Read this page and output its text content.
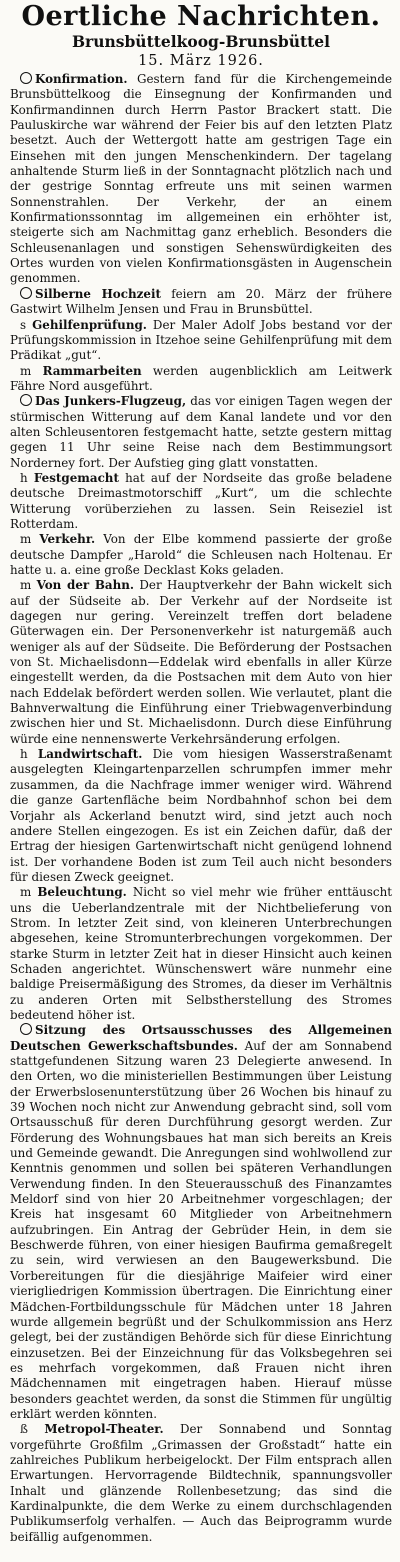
Oertliche Nachrichten.
Brunsbüttelkoog-Brunsbüttel
15. März 1926.

Konfirmation. Gestern fand für die Kirchengemeinde Brunsbüttelkoog die Einsegnung der Konfirmanden und Konfirmandinnen durch Herrn Pastor Brackert statt. Die Pauluskirche war während der Feier bis auf den letzten Platz besetzt. Auch der Wettergott hatte am gestrigen Tage ein Einsehen mit den jungen Menschenkindern. Der tagelang anhaltende Sturm ließ in der Sonntagnacht plötzlich nach und der gestrige Sonntag erfreute uns mit seinen warmen Sonnenstrahlen. Der Verkehr, der an einem Konfirmationssonntag im allgemeinen ein erhöhter ist, steigerte sich am Nachmittag ganz erheblich. Besonders die Schleusenanlagen und sonstigen Sehenswürdigkeiten des Ortes wurden von vielen Konfirmationsgästen in Augenschein genommen.

Silberne Hochzeit feiern am 20. März der frühere Gastwirt Wilhelm Jensen und Frau in Brunsbüttel.

s Gehilfenprüfung. Der Maler Adolf Jobs bestand vor der Prüfungskommission in Itzehoe seine Gehilfenprüfung mit dem Prädikat „gut“.

m Rammarbeiten werden augenblicklich am Leitwerk Fähre Nord ausgeführt.

Das Junkers-Flugzeug, das vor einigen Tagen wegen der stürmischen Witterung auf dem Kanal landete und vor den alten Schleusentoren festgemacht hatte, setzte gestern mittag gegen 11 Uhr seine Reise nach dem Bestimmungsort Norderney fort. Der Aufstieg ging glatt vonstatten.

h Festgemacht hat auf der Nordseite das große beladene deutsche Dreimastmotorschiff „Kurt“, um die schlechte Witterung vorüberziehen zu lassen. Sein Reiseziel ist Rotterdam.

m Verkehr. Von der Elbe kommend passierte der große deutsche Dampfer „Harold“ die Schleusen nach Holtenau. Er hatte u. a. eine große Decklast Koks geladen.

m Von der Bahn. Der Hauptverkehr der Bahn wickelt sich auf der Südseite ab. Der Verkehr auf der Nordseite ist dagegen nur gering. Vereinzelt treffen dort beladene Güterwagen ein. Der Personenverkehr ist naturgemäß auch weniger als auf der Südseite. Die Beförderung der Postsachen von St. Michaelisdonn—Eddelak wird ebenfalls in aller Kürze eingestellt werden, da die Postsachen mit dem Auto von hier nach Eddelak befördert werden sollen. Wie verlautet, plant die Bahnverwaltung die Einführung einer Triebwagenverbindung zwischen hier und St. Michaelisdonn. Durch diese Einführung würde eine nennenswerte Verkehrsänderung erfolgen.

h Landwirtschaft. Die vom hiesigen Wasserstraßenamt ausgelegten Kleingartenparzellen schrumpfen immer mehr zusammen, da die Nachfrage immer weniger wird. Während die ganze Gartenfläche beim Nordbahnhof schon bei dem Vorjahr als Ackerland benutzt wird, sind jetzt auch noch andere Stellen eingezogen. Es ist ein Zeichen dafür, daß der Ertrag der hiesigen Gartenwirtschaft nicht genügend lohnend ist. Der vorhandene Boden ist zum Teil auch nicht besonders für diesen Zweck geeignet.

m Beleuchtung. Nicht so viel mehr wie früher enttäuscht uns die Ueberlandzentrale mit der Nichtbelieferung von Strom. In letzter Zeit sind, von kleineren Unterbrechungen abgesehen, keine Stromunterbrechungen vorgekommen. Der starke Sturm in letzter Zeit hat in dieser Hinsicht auch keinen Schaden angerichtet. Wünschenswert wäre nunmehr eine baldige Preisermäßigung des Stromes, da dieser im Verhältnis zu anderen Orten mit Selbstherstellung des Stromes bedeutend höher ist.

Sitzung des Ortsausschusses des Allgemeinen Deutschen Gewerkschaftsbundes. Auf der am Sonnabend stattgefundenen Sitzung waren 23 Delegierte anwesend. In den Orten, wo die ministeriellen Bestimmungen über Leistung der Erwerbslosenunterstützung über 26 Wochen bis hinauf zu 39 Wochen noch nicht zur Anwendung gebracht sind, soll vom Ortsausschuß für deren Durchführung gesorgt werden. Zur Förderung des Wohnungsbaues hat man sich bereits an Kreis und Gemeinde gewandt. Die Anregungen sind wohlwollend zur Kenntnis genommen und sollen bei späteren Verhandlungen Verwendung finden. In den Steuerausschuß des Finanzamtes Meldorf sind von hier 20 Arbeitnehmer vorgeschlagen; der Kreis hat insgesamt 60 Mitglieder von Arbeitnehmern aufzubringen. Ein Antrag der Gebrüder Hein, in dem sie Beschwerde führen, von einer hiesigen Baufirma gemaßregelt zu sein, wird verwiesen an den Baugewerksbund. Die Vorbereitungen für die diesjährige Maifeier wird einer vierigliedrigen Kommission übertragen. Die Einrichtung einer Mädchen-Fortbildungsschule für Mädchen unter 18 Jahren wurde allgemein begrüßt und der Schulkommission ans Herz gelegt, bei der zuständigen Behörde sich für diese Einrichtung einzusetzen. Bei der Einzeichnung für das Volksbegehren sei es mehrfach vorgekommen, daß Frauen nicht ihren Mädchennamen mit eingetragen haben. Hierauf müsse besonders geachtet werden, da sonst die Stimmen für ungültig erklärt werden könnten.

ß Metropol-Theater. Der Sonnabend und Sonntag vorgeführte Großfilm „Grimassen der Großstadt“ hatte ein zahlreiches Publikum herbeigelockt. Der Film entsprach allen Erwartungen. Hervorragende Bildtechnik, spannungsvoller Inhalt und glänzende Rollenbesetzung; das sind die Kardinalpunkte, die dem Werke zu einem durchschlagenden Publikumserfolg verhalfen. — Auch das Beiprogramm wurde beifällig aufgenommen.
